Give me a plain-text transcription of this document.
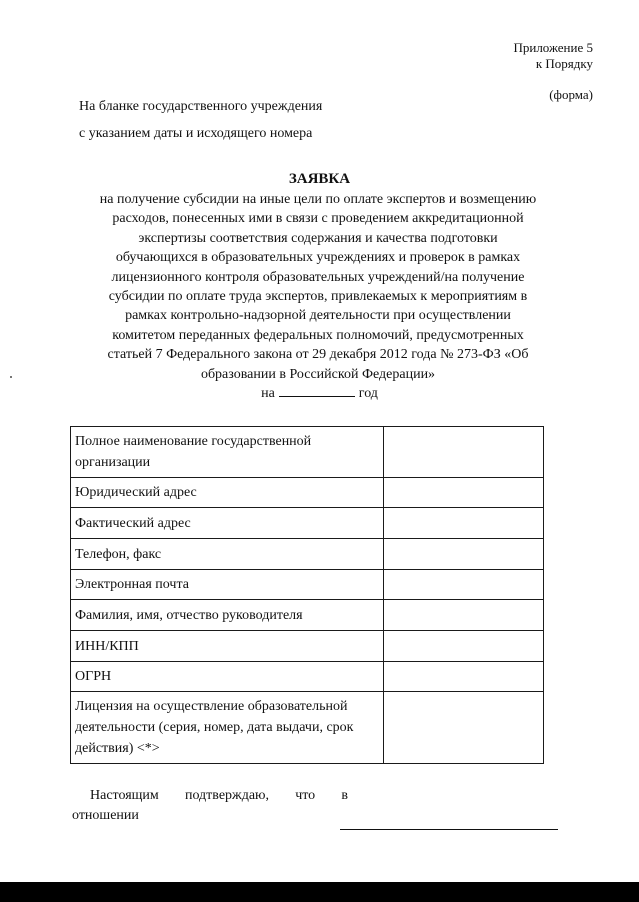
Приложение 5
к Порядку
(форма)
На бланке государственного учреждения
с указанием даты и исходящего номера
ЗАЯВКА
на получение субсидии на иные цели по оплате экспертов и возмещению
расходов, понесенных ими в связи с проведением аккредитационной
экспертизы соответствия содержания и качества подготовки
обучающихся в образовательных учреждениях и проверок в рамках
лицензионного контроля образовательных учреждений/на получение
субсидии по оплате труда экспертов, привлекаемых к мероприятиям в
рамках контрольно-надзорной деятельности при осуществлении
комитетом переданных федеральных полномочий, предусмотренных
статьей 7 Федерального закона от 29 декабря 2012 года № 273-ФЗ «Об
образовании в Российской Федерации»
на	год
Полное наименование государственной организации	
Юридический адрес	
Фактический адрес	
Телефон, факс	
Электронная почта	
Фамилия, имя, отчество руководителя	
ИНН/КПП	
ОГРН	
Лицензия на осуществление образовательной деятельности (серия, номер, дата выдачи, срок действия) <*>	
Настоящим подтверждаю, что в
отношении
